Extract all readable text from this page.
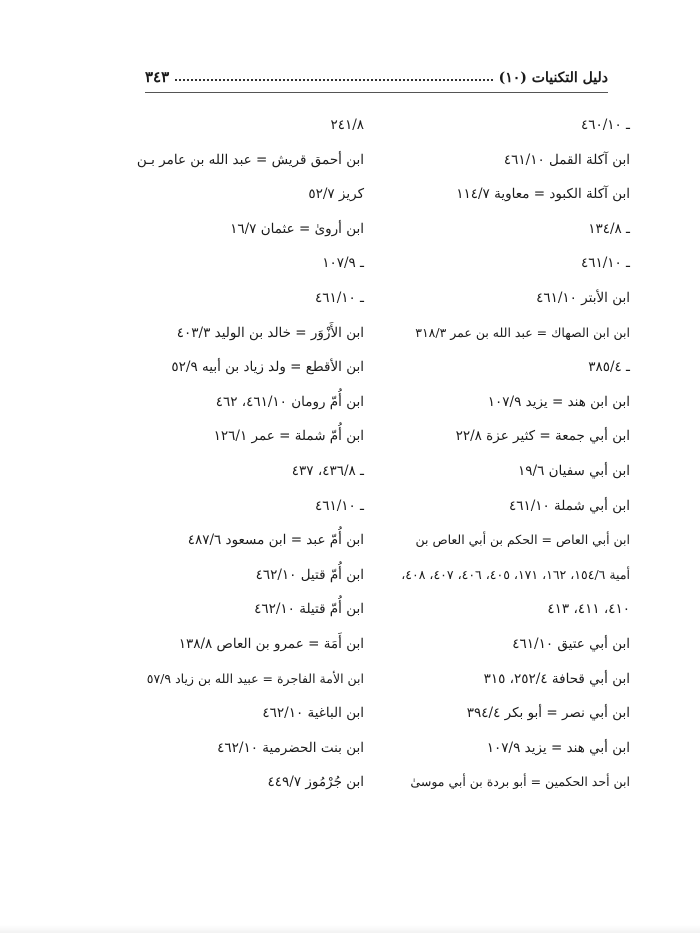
دليل التكنيات (١٠)
٣٤٣
ـ ٤٦٠/١٠
ابن آكلة القمل ٤٦١/١٠
ابن آكلة الكبود = معاوية ١١٤/٧
ـ ١٣٤/٨
ـ ٤٦١/١٠
ابن الأبتر ٤٦١/١٠
ابن ابن الصهاك = عبد الله بن عمر ٣١٨/٣
ـ ٣٨٥/٤
ابن ابن هند = يزيد ١٠٧/٩
ابن أبي جمعة = كثير عزة ٢٢/٨
ابن أبي سفيان ١٩/٦
ابن أبي شملة ٤٦١/١٠
ابن أبي العاص = الحكم بن أبي العاص بن
أمية ١٥٤/٦، ١٦٢، ١٧١، ٤٠٥، ٤٠٦، ٤٠٧، ٤٠٨،
٤١٠، ٤١١، ٤١٣
ابن أبي عتيق ٤٦١/١٠
ابن أبي قحافة ٢٥٢/٤، ٣١٥
ابن أبي نصر = أبو بكر ٣٩٤/٤
ابن أبي هند = يزيد ١٠٧/٩
ابن أحد الحكمين = أبو بردة بن أبي موسىٰ
٢٤١/٨
ابن أحمق قريش = عبد الله بن عامر بـن
كريز ٥٢/٧
ابن أروىٰ = عثمان ١٦/٧
ـ ١٠٧/٩
ـ ٤٦١/١٠
ابن الأَزْوَر = خالد بن الوليد ٤٠٣/٣
ابن الأقطع = ولد زياد بن أبيه ٥٢/٩
ابن أُمّ رومان ٤٦١/١٠، ٤٦٢
ابن أُمّ شملة = عمر ١٢٦/١
ـ ٤٣٦/٨، ٤٣٧
ـ ٤٦١/١٠
ابن أُمّ عبد = ابن مسعود ٤٨٧/٦
ابن أُمّ قتيل ٤٦٢/١٠
ابن أُمّ قتيلة ٤٦٢/١٠
ابن أَمَة = عمرو بن العاص ١٣٨/٨
ابن الأمة الفاجرة = عبيد الله بن زياد ٥٧/٩
ابن الباغية ٤٦٢/١٠
ابن بنت الحضرمية ٤٦٢/١٠
ابن جُرْمُوز ٤٤٩/٧
